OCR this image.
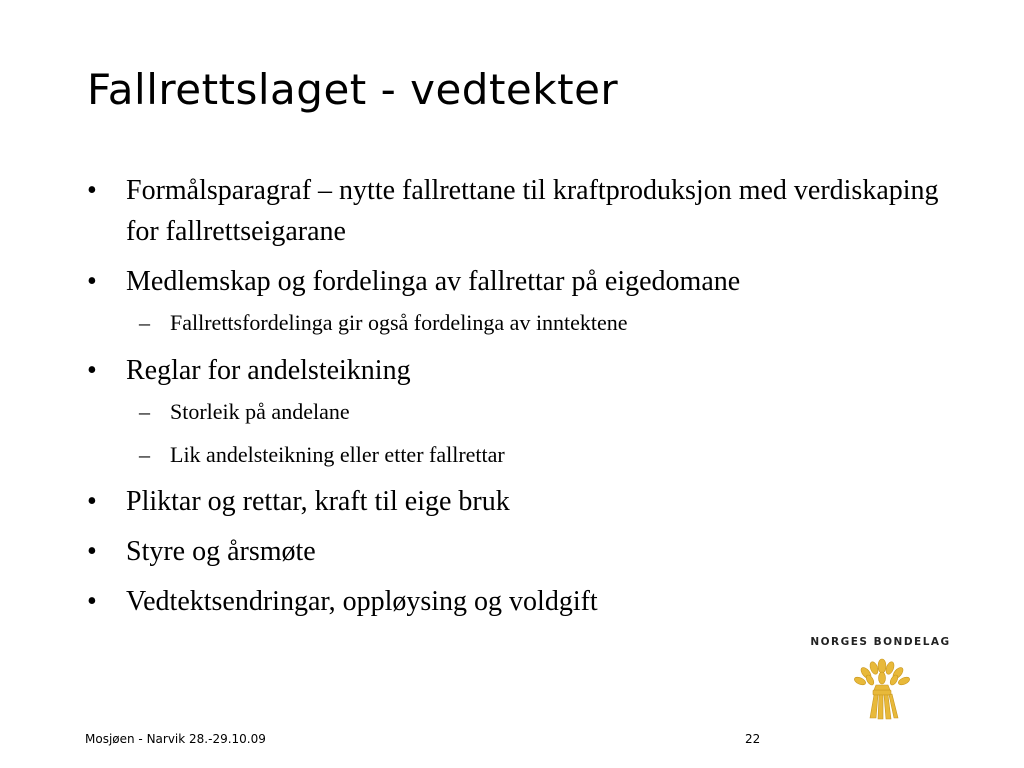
Fallrettslaget - vedtekter
• Formålsparagraf – nytte fallrettane til kraftproduksjon med verdiskaping for fallrettseigarane
• Medlemskap og fordelinga av fallrettar på eigedomane
– Fallrettsfordelinga gir også fordelinga av inntektene
• Reglar for andelsteikning
– Storleik på andelane
– Lik andelsteikning eller etter fallrettar
• Pliktar og rettar, kraft til eige bruk
• Styre og årsmøte
• Vedtektsendringar, oppløysing og voldgift
NORGES BONDELAG
Mosjøen - Narvik 28.-29.10.09	22
